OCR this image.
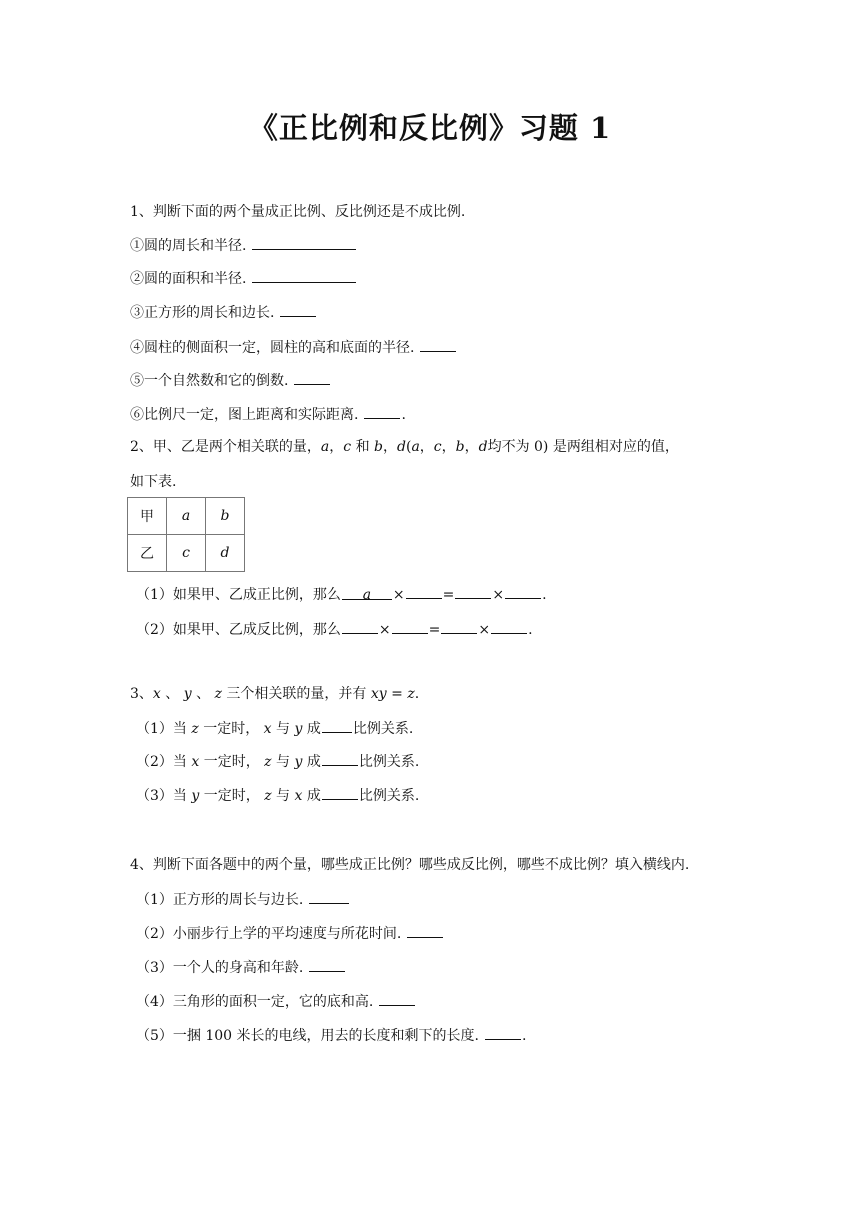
《正比例和反比例》习题 1
1、判断下面的两个量成正比例、反比例还是不成比例.
①圆的周长和半径.
②圆的面积和半径.
③正方形的周长和边长.
④圆柱的侧面积一定，圆柱的高和底面的半径.
⑤一个自然数和它的倒数.
⑥比例尺一定，图上距离和实际距离.	.
2、甲、乙是两个相关联的量，a，c 和 b，d(a，c，b，d均不为 0) 是两组相对应的值，
如下表.
甲	a	b
乙	c	d
（1）如果甲、乙成正比例，那么 a ×	=	×	.
（2）如果甲、乙成反比例，那么	×	=	×	.
3、x 、 y 、 z 三个相关联的量，并有 xy = z.
（1）当 z 一定时， x 与 y 成 比例关系.
（2）当 x 一定时， z 与 y 成	比例关系.
（3）当 y 一定时， z 与 x 成	比例关系.
4、判断下面各题中的两个量，哪些成正比例？哪些成反比例，哪些不成比例？填入横线内.
（1）正方形的周长与边长.
（2）小丽步行上学的平均速度与所花时间.
（3）一个人的身高和年龄.
（4）三角形的面积一定，它的底和高.
（5）一捆 100 米长的电线，用去的长度和剩下的长度.	.
